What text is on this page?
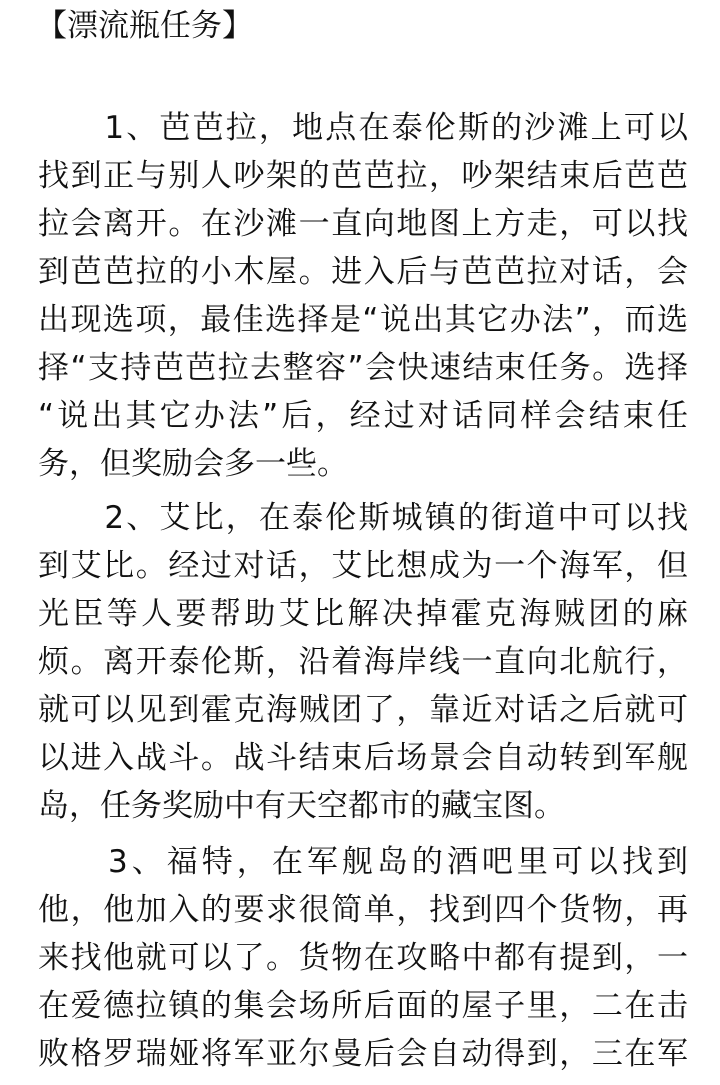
【漂流瓶任务】
　　1、芭芭拉，地点在泰伦斯的沙滩上可以
找到正与别人吵架的芭芭拉，吵架结束后芭芭
拉会离开。在沙滩一直向地图上方走，可以找
到芭芭拉的小木屋。进入后与芭芭拉对话，会
出现选项，最佳选择是“说出其它办法”，而选
择“支持芭芭拉去整容”会快速结束任务。选择
“说出其它办法”后，经过对话同样会结束任
务，但奖励会多一些。
　　2、艾比，在泰伦斯城镇的街道中可以找
到艾比。经过对话，艾比想成为一个海军，但
光臣等人要帮助艾比解决掉霍克海贼团的麻
烦。离开泰伦斯，沿着海岸线一直向北航行，
就可以见到霍克海贼团了，靠近对话之后就可
以进入战斗。战斗结束后场景会自动转到军舰
岛，任务奖励中有天空都市的藏宝图。
　　3、福特，在军舰岛的酒吧里可以找到
他，他加入的要求很简单，找到四个货物，再
来找他就可以了。货物在攻略中都有提到，一
在爱德拉镇的集会场所后面的屋子里，二在击
败格罗瑞娅将军亚尔曼后会自动得到，三在军
